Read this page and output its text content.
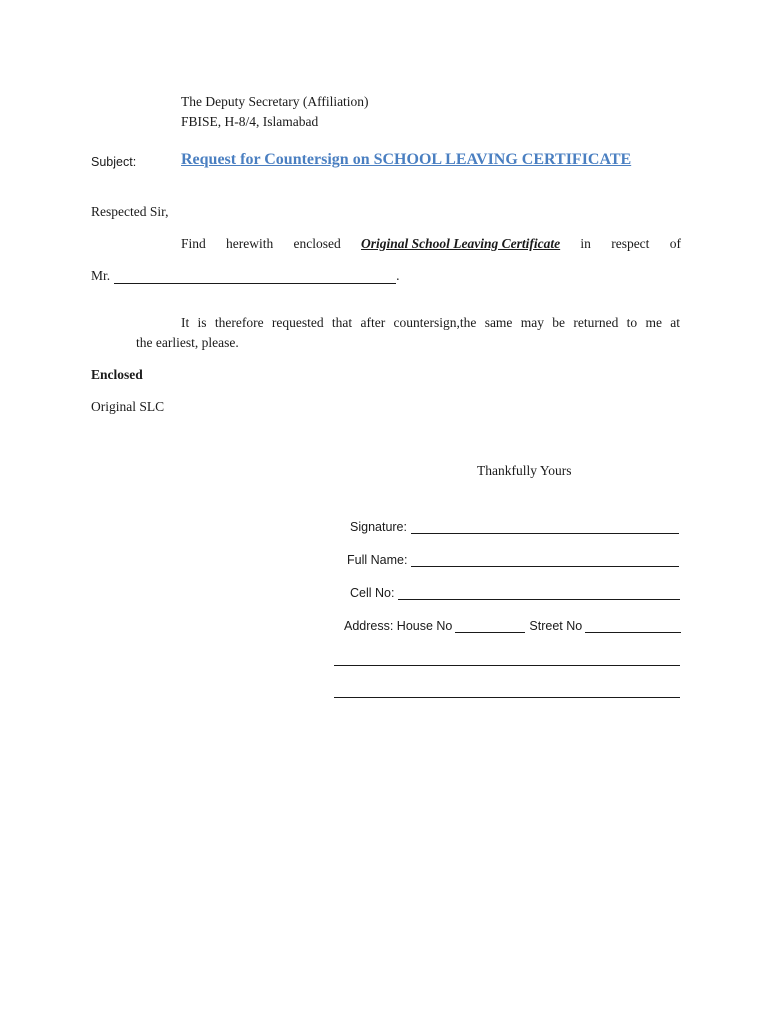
The Deputy Secretary (Affiliation)
FBISE, H-8/4, Islamabad
Subject:	Request for Countersign on SCHOOL LEAVING CERTIFICATE
Respected Sir,
Find herewith enclosed Original School Leaving Certificate in respect of
Mr.	.
It is therefore requested that after countersign,the same may be returned to me at
the earliest, please.
Enclosed
Original SLC
Thankfully Yours
Signature:
Full Name:
Cell No:
Address: House No	Street No
